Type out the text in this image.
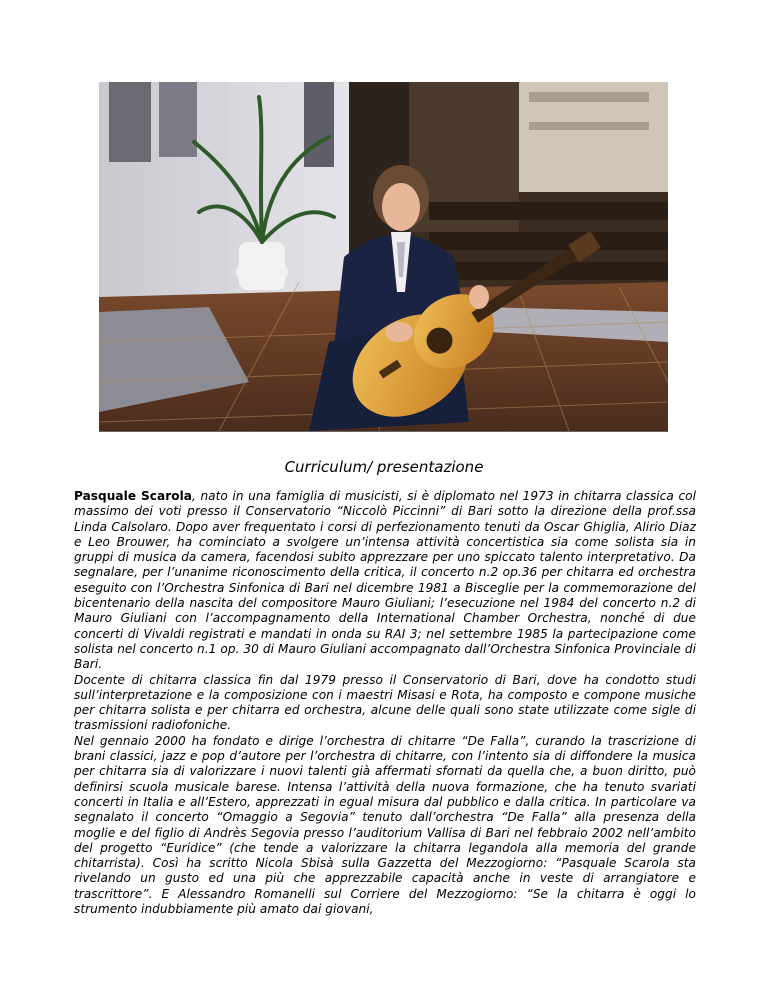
Curriculum/ presentazione

Pasquale Scarola, nato in una famiglia di musicisti, si è diplomato nel 1973 in chitarra classica col massimo dei voti presso il Conservatorio “Niccolò Piccinni” di Bari sotto la direzione della prof.ssa Linda Calsolaro. Dopo aver frequentato i corsi di perfezionamento tenuti da Oscar Ghiglia, Alirio Diaz e Leo Brouwer, ha cominciato a svolgere un’intensa attività concertistica sia come solista sia in gruppi di musica da camera, facendosi subito apprezzare per uno spiccato talento interpretativo. Da segnalare, per l’unanime riconoscimento della critica, il concerto n.2 op.36 per chitarra ed orchestra eseguito con l’Orchestra Sinfonica di Bari nel dicembre 1981 a Bisceglie per la commemorazione del bicentenario della nascita del compositore Mauro Giuliani; l’esecuzione nel 1984 del concerto n.2 di Mauro Giuliani con l’accompagnamento della International Chamber Orchestra, nonché di due concerti di Vivaldi registrati e mandati in onda su RAI 3; nel settembre 1985 la partecipazione come solista nel concerto n.1 op. 30 di Mauro Giuliani accompagnato dall’Orchestra Sinfonica Provinciale di Bari.

Docente di chitarra classica fin dal 1979 presso il Conservatorio di Bari, dove ha condotto studi sull’interpretazione e la composizione con i maestri Misasi e Rota, ha composto e compone musiche per chitarra solista e per chitarra ed orchestra, alcune delle quali sono state utilizzate come sigle di trasmissioni radiofoniche.

Nel gennaio 2000 ha fondato e dirige l’orchestra di chitarre “De Falla”, curando la trascrizione di brani classici, jazz e pop d’autore per l’orchestra di chitarre, con l’intento sia di diffondere la musica per chitarra sia di valorizzare i nuovi talenti già affermati sfornati da quella che, a buon diritto, può definirsi scuola musicale barese. Intensa l’attività della nuova formazione, che ha tenuto svariati concerti in Italia e all’Estero, apprezzati in egual misura dal pubblico e dalla critica. In particolare va segnalato il concerto “Omaggio a Segovia” tenuto dall’orchestra “De Falla” alla presenza della moglie e del figlio di Andrès Segovia presso l’auditorium Vallisa di Bari nel febbraio 2002 nell’ambito del progetto “Euridice” (che tende a valorizzare la chitarra legandola alla memoria del grande chitarrista). Così ha scritto Nicola Sbisà sulla Gazzetta del Mezzogiorno: “Pasquale Scarola sta rivelando un gusto ed una più che apprezzabile capacità anche in veste di arrangiatore e trascrittore”. E Alessandro Romanelli sul Corriere del Mezzogiorno: “Se la chitarra è oggi lo strumento indubbiamente più amato dai giovani,
